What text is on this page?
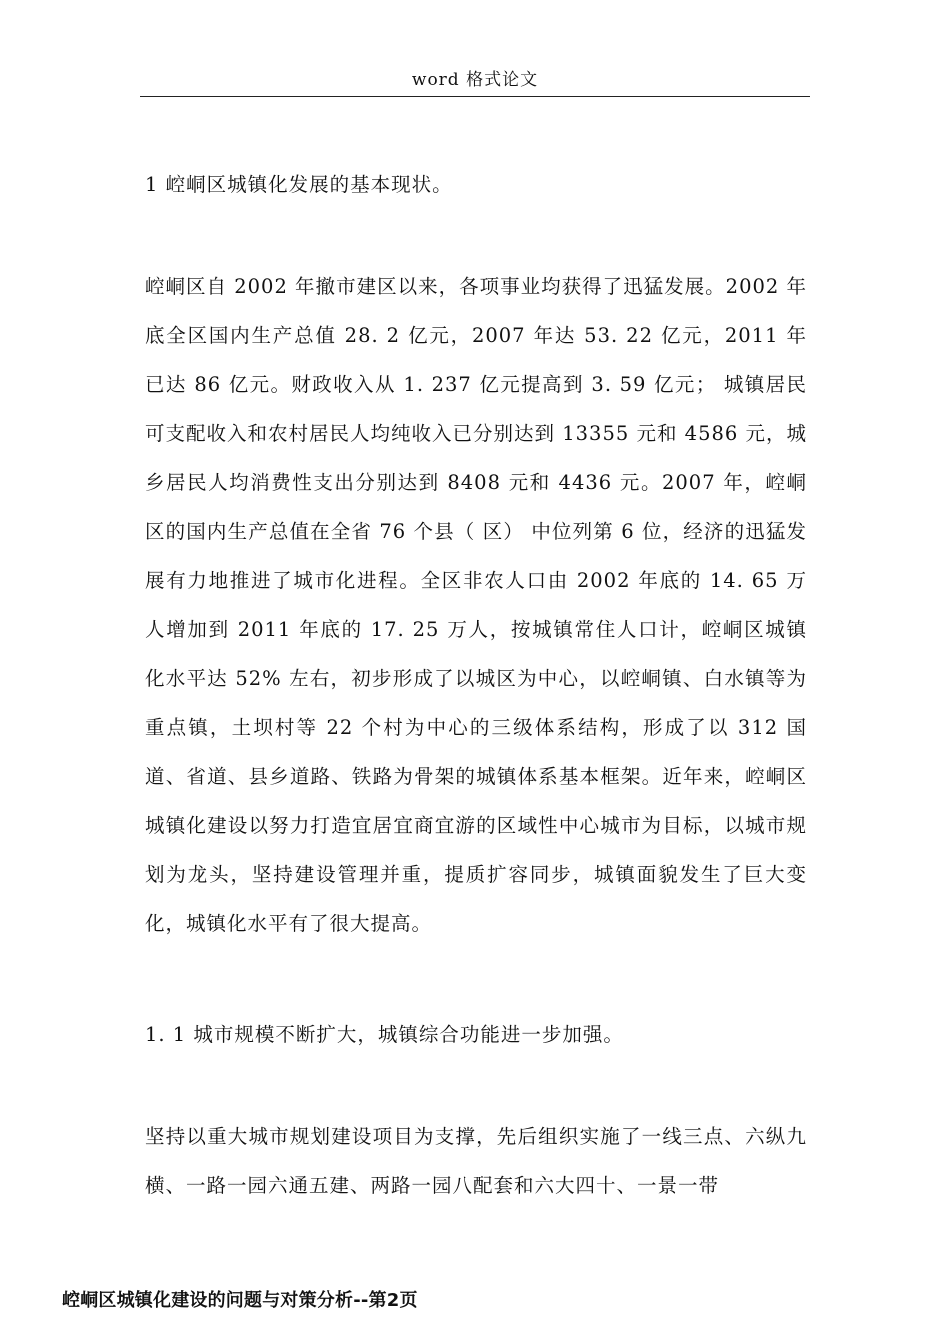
word 格式论文

1 崆峒区城镇化发展的基本现状。

崆峒区自 2002 年撤市建区以来，各项事业均获得了迅猛发展。2002 年底全区国内生产总值 28. 2 亿元，2007 年达 53. 22 亿元，2011 年已达 86 亿元。财政收入从 1. 237 亿元提高到 3. 59 亿元； 城镇居民可支配收入和农村居民人均纯收入已分别达到 13355 元和 4586 元，城乡居民人均消费性支出分别达到 8408 元和 4436 元。2007 年，崆峒区的国内生产总值在全省 76 个县（ 区） 中位列第 6 位，经济的迅猛发展有力地推进了城市化进程。全区非农人口由 2002 年底的 14. 65 万人增加到 2011 年底的 17. 25 万人，按城镇常住人口计，崆峒区城镇化水平达 52% 左右，初步形成了以城区为中心，以崆峒镇、白水镇等为重点镇，土坝村等 22 个村为中心的三级体系结构，形成了以 312 国道、省道、县乡道路、铁路为骨架的城镇体系基本框架。近年来，崆峒区城镇化建设以努力打造宜居宜商宜游的区域性中心城市为目标，以城市规划为龙头，坚持建设管理并重，提质扩容同步，城镇面貌发生了巨大变化，城镇化水平有了很大提高。

1. 1 城市规模不断扩大，城镇综合功能进一步加强。

坚持以重大城市规划建设项目为支撑，先后组织实施了一线三点、六纵九横、一路一园六通五建、两路一园八配套和六大四十、一景一带

崆峒区城镇化建设的问题与对策分析--第2页
